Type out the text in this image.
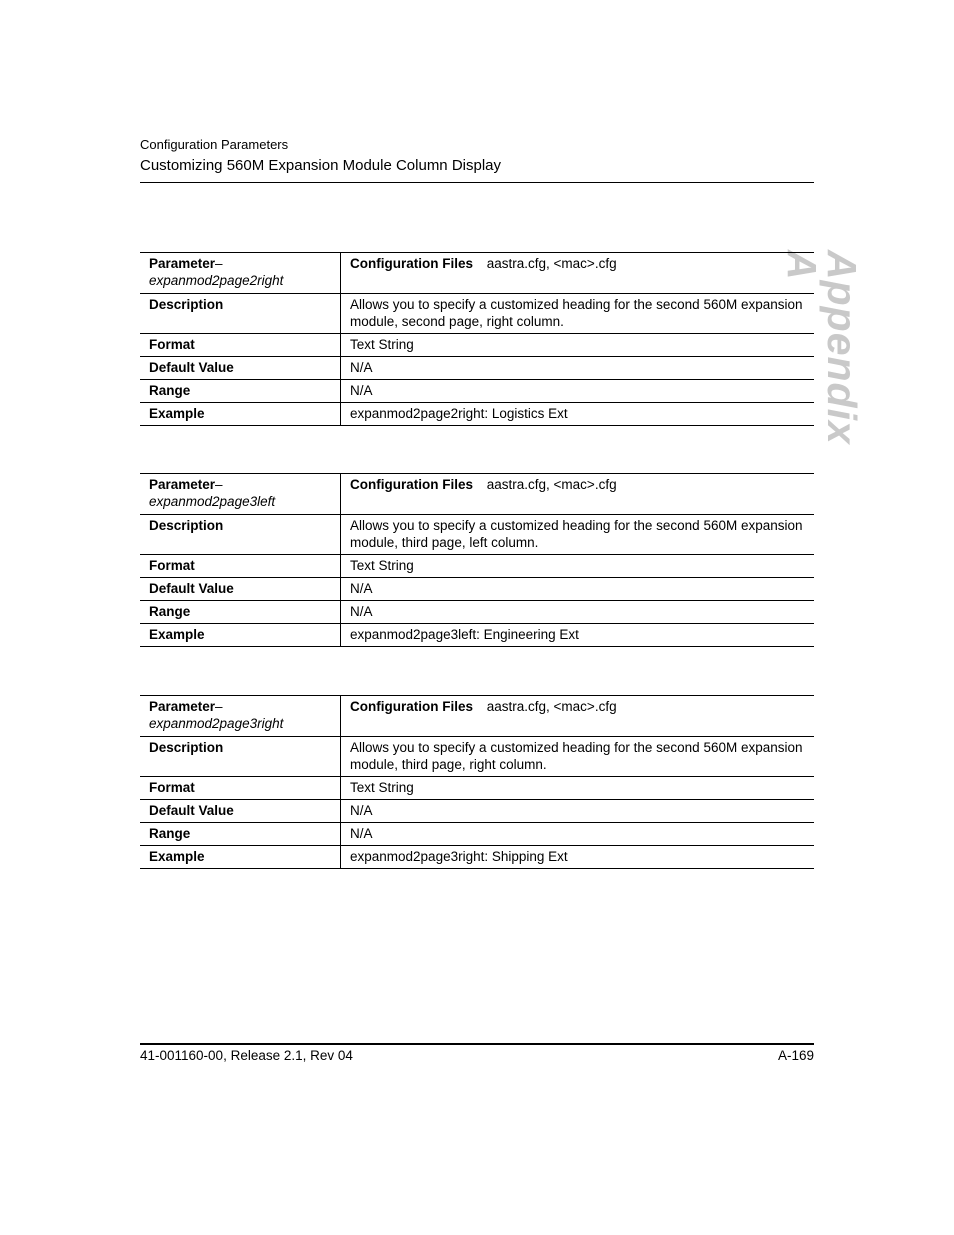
Configuration Parameters
Customizing 560M Expansion Module Column Display
Appendix A
Parameter–
expanmod2page2right	Configuration Files aastra.cfg, <mac>.cfg
Description	Allows you to specify a customized heading for the second 560M expansion module, second page, right column.
Format	Text String
Default Value	N/A
Range	N/A
Example	expanmod2page2right: Logistics Ext
Parameter–
expanmod2page3left	Configuration Files aastra.cfg, <mac>.cfg
Description	Allows you to specify a customized heading for the second 560M expansion module, third page, left column.
Format	Text String
Default Value	N/A
Range	N/A
Example	expanmod2page3left: Engineering Ext
Parameter–
expanmod2page3right	Configuration Files aastra.cfg, <mac>.cfg
Description	Allows you to specify a customized heading for the second 560M expansion module, third page, right column.
Format	Text String
Default Value	N/A
Range	N/A
Example	expanmod2page3right: Shipping Ext
41-001160-00, Release 2.1, Rev 04	A-169
